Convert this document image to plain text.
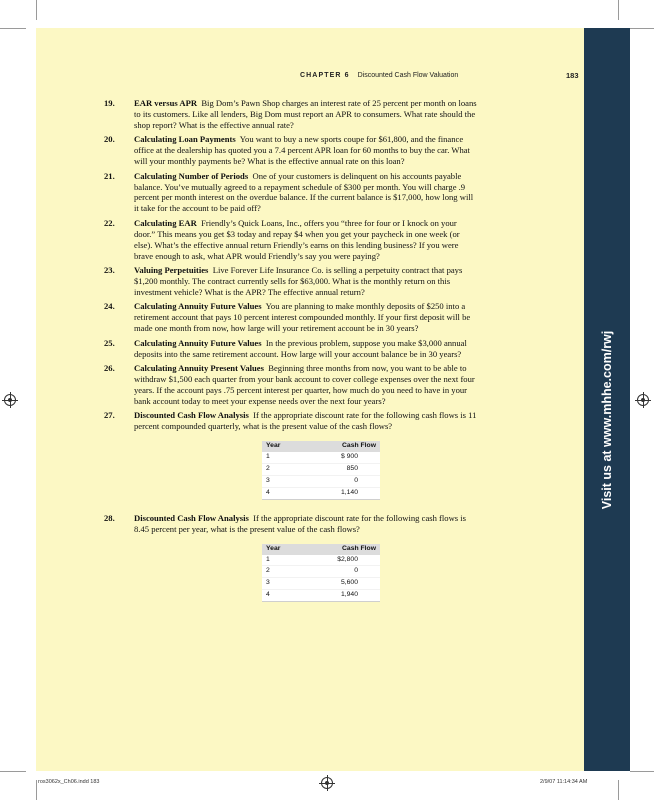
Visit us at www.mhhe.com/rwj
CHAPTER 6 Discounted Cash Flow Valuation	183
19. EAR versus APR Big Dom’s Pawn Shop charges an interest rate of 25 percent per month on loans to its customers. Like all lenders, Big Dom must report an APR to consumers. What rate should the shop report? What is the effective annual rate?
20. Calculating Loan Payments You want to buy a new sports coupe for $61,800, and the finance office at the dealership has quoted you a 7.4 percent APR loan for 60 months to buy the car. What will your monthly payments be? What is the effective annual rate on this loan?
21. Calculating Number of Periods One of your customers is delinquent on his accounts payable balance. You’ve mutually agreed to a repayment schedule of $300 per month. You will charge .9 percent per month interest on the overdue balance. If the current balance is $17,000, how long will it take for the account to be paid off?
22. Calculating EAR Friendly’s Quick Loans, Inc., offers you “three for four or I knock on your door.” This means you get $3 today and repay $4 when you get your paycheck in one week (or else). What’s the effective annual return Friendly’s earns on this lending business? If you were brave enough to ask, what APR would Friendly’s say you were paying?
23. Valuing Perpetuities Live Forever Life Insurance Co. is selling a perpetuity contract that pays $1,200 monthly. The contract currently sells for $63,000. What is the monthly return on this investment vehicle? What is the APR? The effective annual return?
24. Calculating Annuity Future Values You are planning to make monthly deposits of $250 into a retirement account that pays 10 percent interest compounded monthly. If your first deposit will be made one month from now, how large will your retirement account be in 30 years?
25. Calculating Annuity Future Values In the previous problem, suppose you make $3,000 annual deposits into the same retirement account. How large will your account balance be in 30 years?
26. Calculating Annuity Present Values Beginning three months from now, you want to be able to withdraw $1,500 each quarter from your bank account to cover college expenses over the next four years. If the account pays .75 percent interest per quarter, how much do you need to have in your bank account today to meet your expense needs over the next four years?
27. Discounted Cash Flow Analysis If the appropriate discount rate for the following cash flows is 11 percent compounded quarterly, what is the present value of the cash flows?
Year	Cash Flow
1	$ 900
2	850
3	0
4	1,140
28. Discounted Cash Flow Analysis If the appropriate discount rate for the following cash flows is 8.45 percent per year, what is the present value of the cash flows?
Year	Cash Flow
1	$2,800
2	0
3	5,600
4	1,940
ros3062x_Ch06.indd 183	2/9/07 11:14:34 AM
